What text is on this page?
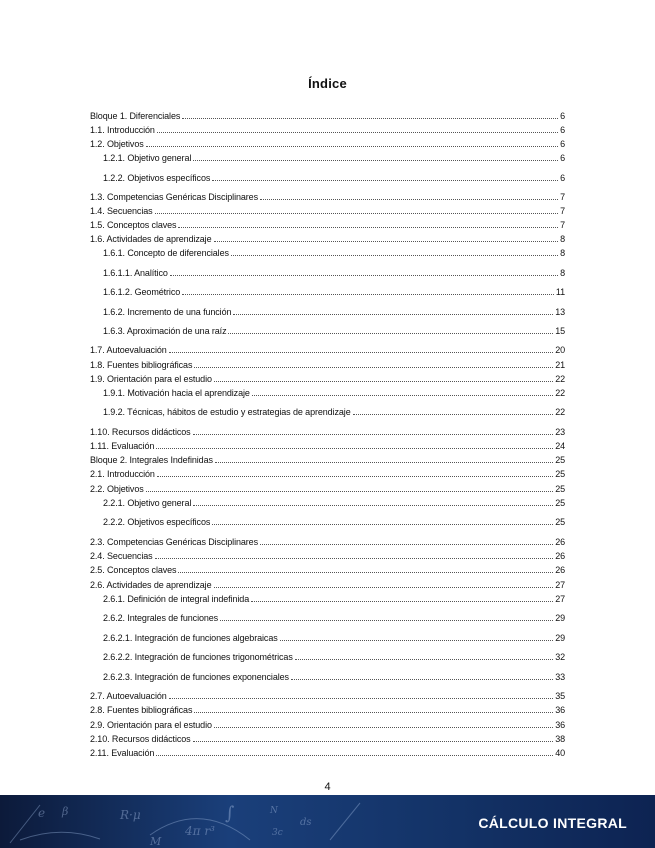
Índice
Bloque 1. Diferenciales	6
1.1. Introducción	6
1.2. Objetivos	6
1.2.1. Objetivo general	6
1.2.2. Objetivos específicos	6
1.3. Competencias Genéricas Disciplinares	7
1.4. Secuencias	7
1.5. Conceptos claves	7
1.6. Actividades de aprendizaje	8
1.6.1. Concepto de diferenciales	8
1.6.1.1. Analítico	8
1.6.1.2. Geométrico	11
1.6.2. Incremento de una función	13
1.6.3. Aproximación de una raíz	15
1.7. Autoevaluación	20
1.8. Fuentes bibliográficas	21
1.9. Orientación para el estudio	22
1.9.1. Motivación hacia el aprendizaje	22
1.9.2. Técnicas, hábitos de estudio y estrategias de aprendizaje	22
1.10. Recursos didácticos	23
1.11. Evaluación	24
Bloque 2. Integrales Indefinidas	25
2.1. Introducción	25
2.2. Objetivos	25
2.2.1. Objetivo general	25
2.2.2. Objetivos específicos	25
2.3. Competencias Genéricas Disciplinares	26
2.4. Secuencias	26
2.5. Conceptos claves	26
2.6. Actividades de aprendizaje	27
2.6.1. Definición de integral indefinida	27
2.6.2. Integrales de funciones	29
2.6.2.1. Integración de funciones algebraicas	29
2.6.2.2. Integración de funciones trigonométricas	32
2.6.2.3. Integración de funciones exponenciales	33
2.7. Autoevaluación	35
2.8. Fuentes bibliográficas	36
2.9. Orientación para el estudio	36
2.10. Recursos didácticos	38
2.11. Evaluación	40
4
e β	R·μ
4π r³
∫	N
3c
ds
M
CÁLCULO INTEGRAL
